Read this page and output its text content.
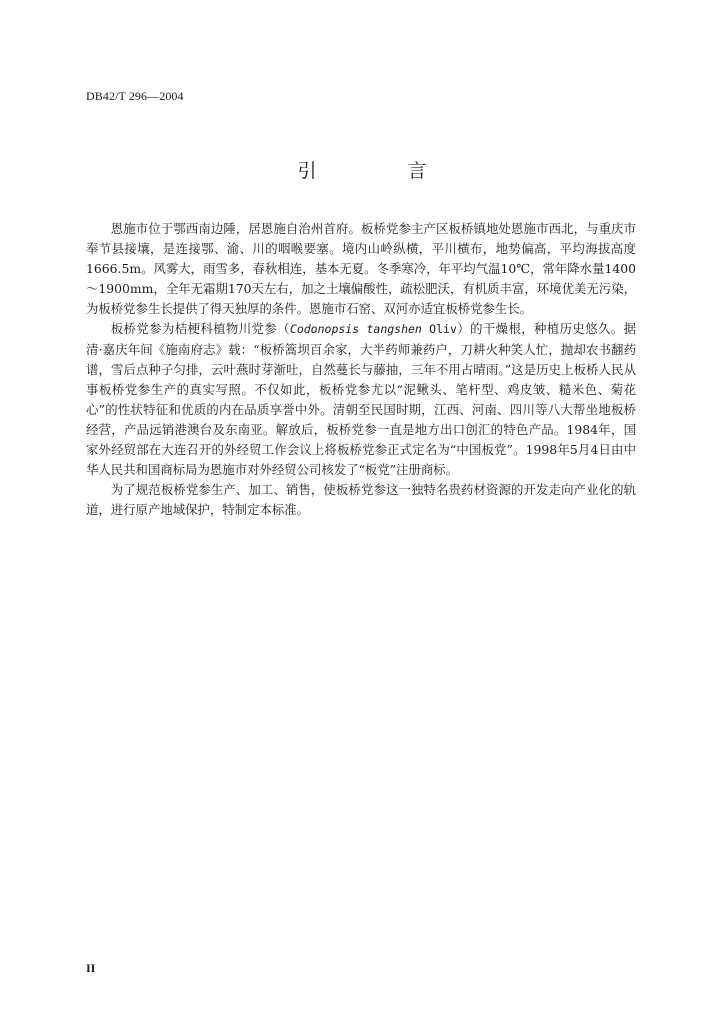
DB42/T 296—2004
引　言

恩施市位于鄂西南边陲，居恩施自治州首府。板桥党参主产区板桥镇地处恩施市西北，与重庆市奉节县接壤，是连接鄂、渝、川的咽喉要塞。境内山岭纵横，平川横布，地势偏高，平均海拔高度1666.5m。风雾大，雨雪多，春秋相连，基本无夏。冬季寒冷，年平均气温10℃，常年降水量1400～1900mm，全年无霜期170天左右，加之土壤偏酸性，疏松肥沃，有机质丰富，环境优美无污染，为板桥党参生长提供了得天独厚的条件。恩施市石窑、双河亦适宜板桥党参生长。

板桥党参为桔梗科植物川党参（Codonopsis tangshen Oliv）的干燥根，种植历史悠久。据清·嘉庆年间《施南府志》载：“板桥篙坝百余家，大半药师兼药户，刀耕火种笑人忙，抛却农书翻药谱，雪后点种子匀排，云叶燕时芽渐吐，自然蔓长与藤抽，三年不用占晴雨。”这是历史上板桥人民从事板桥党参生产的真实写照。不仅如此，板桥党参尤以“泥鳅头、笔杆型、鸡皮皱、糙米色、菊花心”的性状特征和优质的内在品质享誉中外。清朝至民国时期，江西、河南、四川等八大帮坐地板桥经营，产品远销港澳台及东南亚。解放后，板桥党参一直是地方出口创汇的特色产品。1984年，国家外经贸部在大连召开的外经贸工作会议上将板桥党参正式定名为“中国板党”。1998年5月4日由中华人民共和国商标局为恩施市对外经贸公司核发了“板党”注册商标。

为了规范板桥党参生产、加工、销售，使板桥党参这一独特名贵药材资源的开发走向产业化的轨道，进行原产地域保护，特制定本标准。

II
